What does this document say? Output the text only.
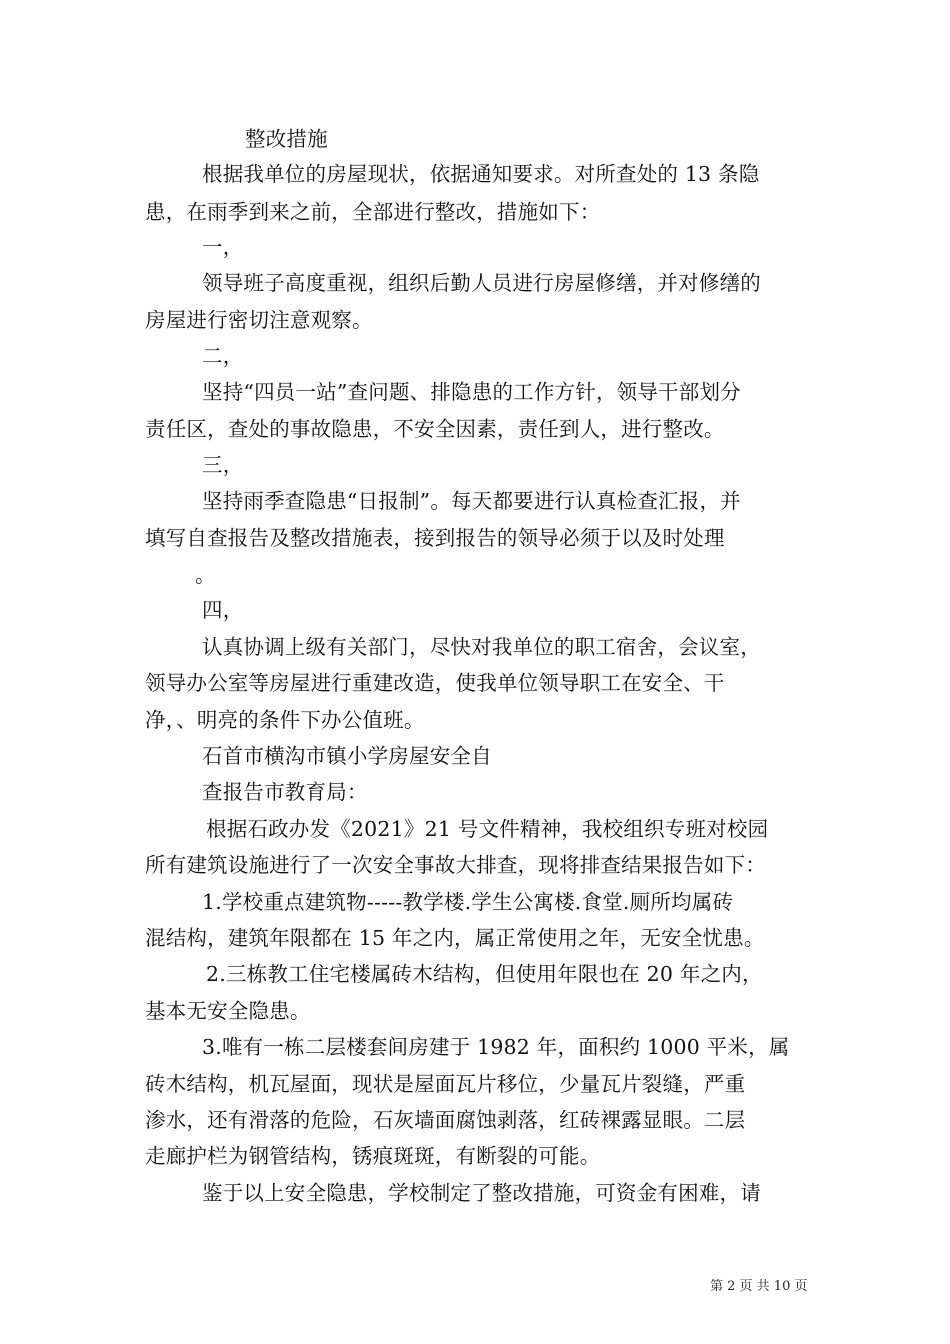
整改措施
根据我单位的房屋现状，依据通知要求。对所查处的 13 条隐
患，在雨季到来之前，全部进行整改，措施如下：
一，
领导班子高度重视，组织后勤人员进行房屋修缮，并对修缮的
房屋进行密切注意观察。
二，
坚持“四员一站”查问题、排隐患的工作方针，领导干部划分
责任区，查处的事故隐患，不安全因素，责任到人，进行整改。
三，
坚持雨季查隐患“日报制”。每天都要进行认真检查汇报，并
填写自查报告及整改措施表，接到报告的领导必须于以及时处理
。
四，
认真协调上级有关部门，尽快对我单位的职工宿舍，会议室，
领导办公室等房屋进行重建改造，使我单位领导职工在安全、干
净，、明亮的条件下办公值班。
石首市横沟市镇小学房屋安全自
查报告市教育局：
根据石政办发《2021》21 号文件精神，我校组织专班对校园
所有建筑设施进行了一次安全事故大排查，现将排查结果报告如下：
1.学校重点建筑物-----教学楼.学生公寓楼.食堂.厕所均属砖
混结构，建筑年限都在 15 年之内，属正常使用之年，无安全忧患。
2.三栋教工住宅楼属砖木结构，但使用年限也在 20 年之内，
基本无安全隐患。
3.唯有一栋二层楼套间房建于 1982 年，面积约 1000 平米，属
砖木结构，机瓦屋面，现状是屋面瓦片移位，少量瓦片裂缝，严重
渗水，还有滑落的危险，石灰墙面腐蚀剥落，红砖裸露显眼。二层
走廊护栏为钢管结构，锈痕斑斑，有断裂的可能。
鉴于以上安全隐患，学校制定了整改措施，可资金有困难，请
第 2 页 共 10 页
